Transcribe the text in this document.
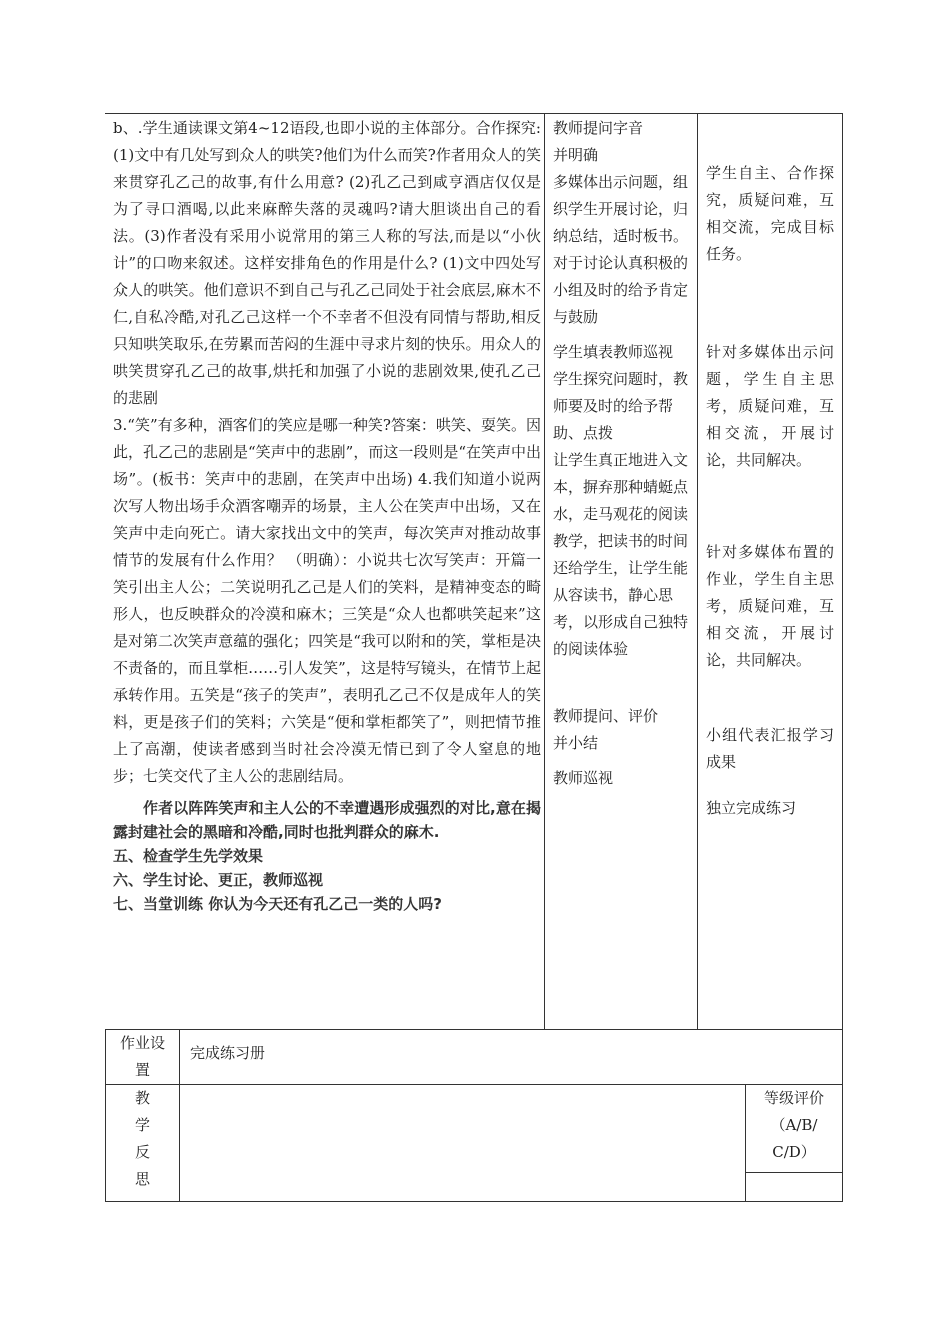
b、.学生通读课文第4~12语段,也即小说的主体部分。合作探究:(1)文中有几处写到众人的哄笑?他们为什么而笑?作者用众人的笑来贯穿孔乙己的故事,有什么用意? (2)孔乙己到咸亨酒店仅仅是为了寻口酒喝,以此来麻醉失落的灵魂吗?请大胆谈出自己的看法。(3)作者没有采用小说常用的第三人称的写法,而是以“小伙计”的口吻来叙述。这样安排角色的作用是什么? (1)文中四处写众人的哄笑。他们意识不到自己与孔乙己同处于社会底层,麻木不仁,自私冷酷,对孔乙己这样一个不幸者不但没有同情与帮助,相反只知哄笑取乐,在劳累而苦闷的生涯中寻求片刻的快乐。用众人的哄笑贯穿孔乙己的故事,烘托和加强了小说的悲剧效果,使孔乙己的悲剧

3.“笑”有多种，酒客们的笑应是哪一种笑?答案：哄笑、耍笑。因此，孔乙己的悲剧是“笑声中的悲剧”，而这一段则是“在笑声中出场”。(板书：笑声中的悲剧，在笑声中出场) 4.我们知道小说两次写人物出场手众酒客嘲弄的场景，主人公在笑声中出场，又在笑声中走向死亡。请大家找出文中的笑声，每次笑声对推动故事情节的发展有什么作用？ （明确）：小说共七次写笑声：开篇一笑引出主人公；二笑说明孔乙己是人们的笑料，是精神变态的畸形人，也反映群众的冷漠和麻木；三笑是“众人也都哄笑起来”这是对第二次笑声意蕴的强化；四笑是“我可以附和的笑，掌柜是决不责备的，而且掌柜……引人发笑”，这是特写镜头，在情节上起承转作用。五笑是“孩子的笑声”，表明孔乙己不仅是成年人的笑料，更是孩子们的笑料；六笑是“便和掌柜都笑了”，则把情节推上了高潮，使读者感到当时社会冷漠无情已到了令人窒息的地步；七笑交代了主人公的悲剧结局。

作者以阵阵笑声和主人公的不幸遭遇形成强烈的对比,意在揭露封建社会的黑暗和冷酷,同时也批判群众的麻木.

五、检查学生先学效果

六、学生讨论、更正，教师巡视

七、当堂训练 你认为今天还有孔乙己一类的人吗?

教师提问字音

并明确

多媒体出示问题，组织学生开展讨论，归纳总结，适时板书。

对于讨论认真积极的小组及时的给予肯定与鼓励

学生填表教师巡视

学生探究问题时，教师要及时的给予帮助、点拨

让学生真正地进入文本，摒弃那种蜻蜓点水，走马观花的阅读教学，把读书的时间还给学生，让学生能从容读书，静心思考，以形成自己独特的阅读体验

教师提问、评价

并小结

教师巡视

学生自主、合作探究，质疑问难，互相交流，完成目标任务。

针对多媒体出示问题，学生自主思考，质疑问难，互相交流，开展讨论，共同解决。

针对多媒体布置的作业，学生自主思考，质疑问难，互相交流，开展讨论，共同解决。

小组代表汇报学习成果

独立完成练习

作业设
置
完成练习册
教
学
反
思
等级评价
（A/B/
C/D）
